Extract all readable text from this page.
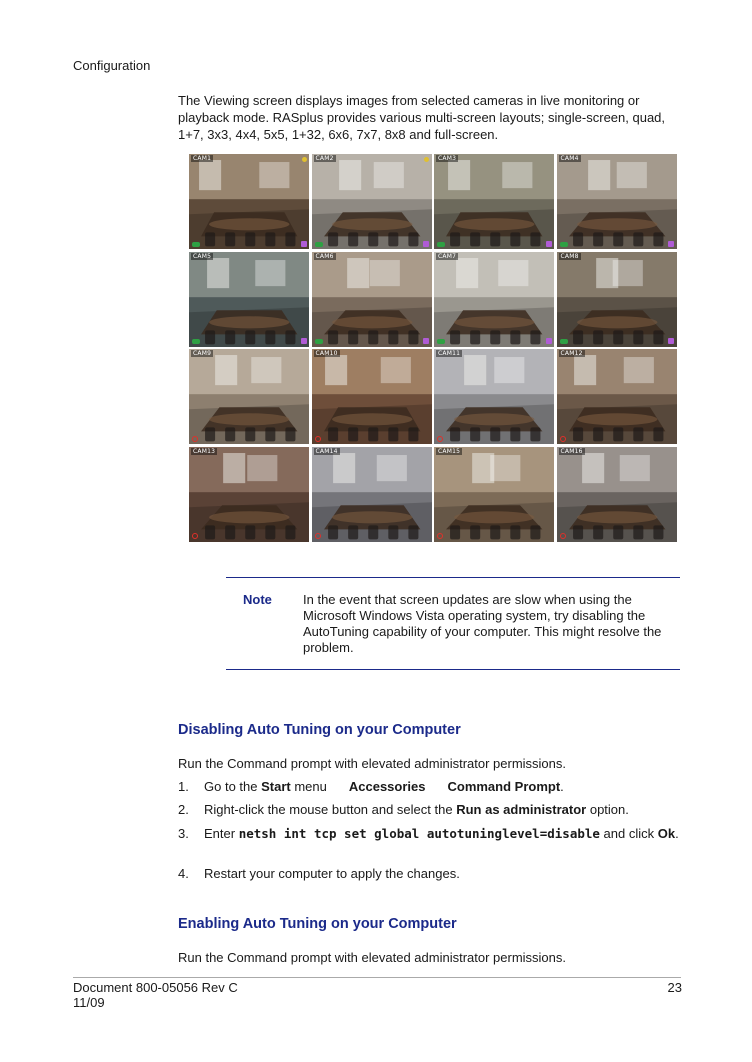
Configuration
The Viewing screen displays images from selected cameras in live monitoring or playback mode. RASplus provides various multi-screen layouts; single-screen, quad, 1+7, 3x3, 4x4, 5x5, 1+32, 6x6, 7x7, 8x8 and full-screen.
CAM1	CAM2	CAM3	CAM4
CAM5	CAM6	CAM7	CAM8
CAM9	CAM10	CAM11	CAM12
CAM13	CAM14	CAM15	CAM16
Note In the event that screen updates are slow when using the Microsoft Windows Vista operating system, try disabling the AutoTuning capability of your computer. This might resolve the problem.
Disabling Auto Tuning on your Computer
Run the Command prompt with elevated administrator permissions.
1. Go to the Start menu Accessories Command Prompt.
2. Right-click the mouse button and select the Run as administrator option.
3. Enter netsh int tcp set global autotuninglevel=disable and click Ok.
4. Restart your computer to apply the changes.
Enabling Auto Tuning on your Computer
Run the Command prompt with elevated administrator permissions.
Document 800-05056 Rev C
11/09
23
